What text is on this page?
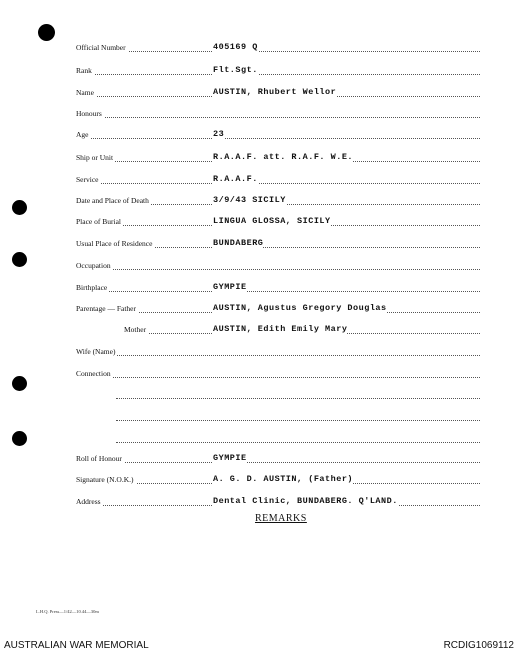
Official Number	405169 Q
Rank	Flt.Sgt.
Name	AUSTIN, Rhubert Wellor
Honours
Age	23
Ship or Unit	R.A.A.F. att. R.A.F. W.E.
Service	R.A.A.F.
Date and Place of Death	3/9/43 SICILY
Place of Burial	LINGUA GLOSSA, SICILY
Usual Place of Residence	BUNDABERG
Occupation
Birthplace	GYMPIE
Parentage — Father	AUSTIN, Agustus Gregory Douglas
Mother	AUSTIN, Edith Emily Mary
Wife (Name)
Connection
Roll of Honour	GYMPIE
Signature (N.O.K.)	A. G. D. AUSTIN, (Father)
Address	Dental Clinic, BUNDABERG. Q'LAND.
REMARKS
L.H.Q. Press—1/42—10.44—30m
AUSTRALIAN WAR MEMORIAL	RCDIG1069112
